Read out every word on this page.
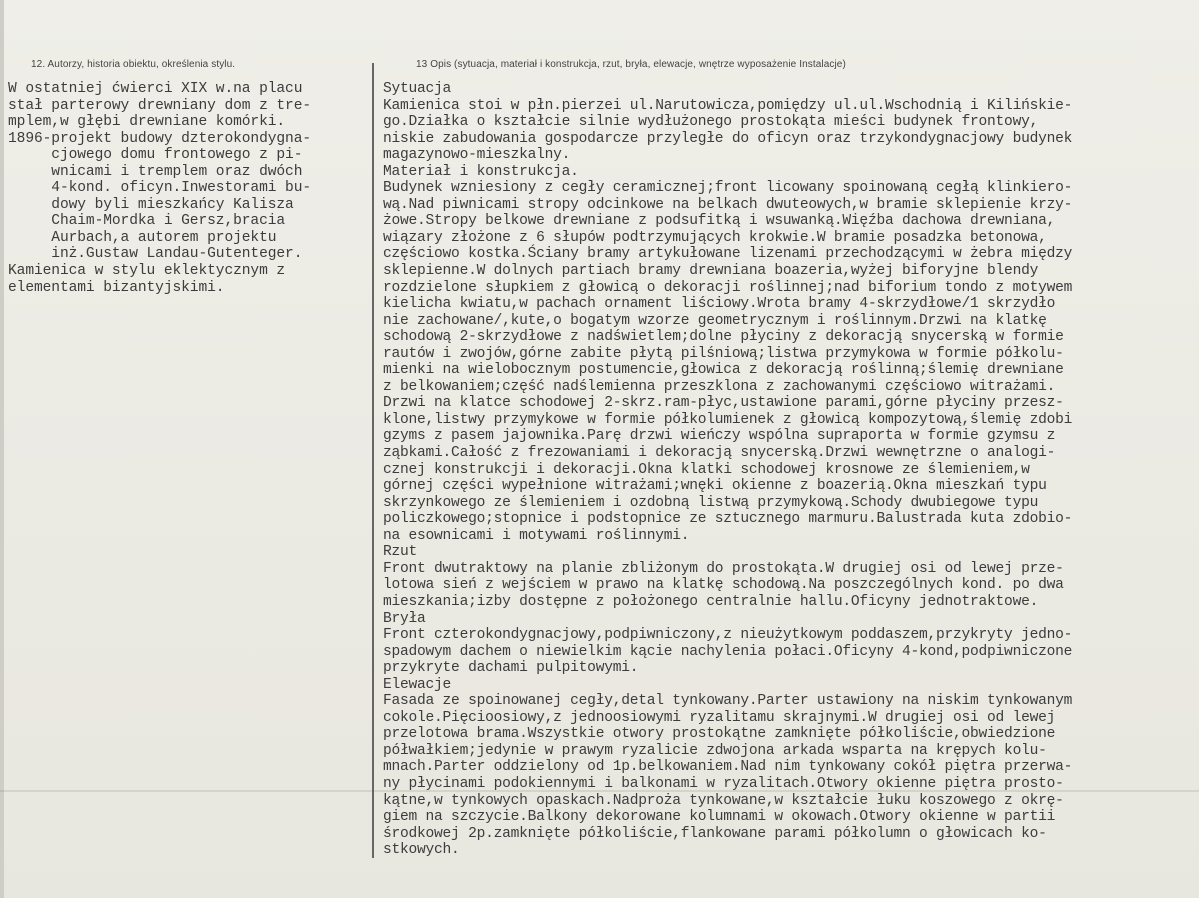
12. Autorzy, historia obiektu, określenia stylu.	13 Opis (sytuacja, materiał i konstrukcja, rzut, bryła, elewacje, wnętrze wyposażenie Instalacje)
W ostatniej ćwierci XIX w.na placu
stał parterowy drewniany dom z tre-
mplem,w głębi drewniane komórki.
1896-projekt budowy dzterokondygna-
cjowego domu frontowego z pi-
wnicami i tremplem oraz dwóch
4-kond. oficyn.Inwestorami bu-
dowy byli mieszkańcy Kalisza
Chaim-Mordka i Gersz,bracia
Aurbach,a autorem projektu
inż.Gustaw Landau-Gutenteger.
Kamienica w stylu eklektycznym z
elementami bizantyjskimi.
Sytuacja
Kamienica stoi w płn.pierzei ul.Narutowicza,pomiędzy ul.ul.Wschodnią i Kilińskie-
go.Działka o kształcie silnie wydłużonego prostokąta mieści budynek frontowy,
niskie zabudowania gospodarcze przyległe do oficyn oraz trzykondygnacjowy budynek
magazynowo-mieszkalny.
Materiał i konstrukcja.
Budynek wzniesiony z cegły ceramicznej;front licowany spoinowaną cegłą klinkiero-
wą.Nad piwnicami stropy odcinkowe na belkach dwuteowych,w bramie sklepienie krzy-
żowe.Stropy belkowe drewniane z podsufitką i wsuwanką.Więźba dachowa drewniana,
wiązary złożone z 6 słupów podtrzymujących krokwie.W bramie posadzka betonowa,
częściowo kostka.Ściany bramy artykułowane lizenami przechodzącymi w żebra między
sklepienne.W dolnych partiach bramy drewniana boazeria,wyżej biforyjne blendy
rozdzielone słupkiem z głowicą o dekoracji roślinnej;nad biforium tondo z motywem
kielicha kwiatu,w pachach ornament liściowy.Wrota bramy 4-skrzydłowe/1 skrzydło
nie zachowane/,kute,o bogatym wzorze geometrycznym i roślinnym.Drzwi na klatkę
schodową 2-skrzydłowe z nadświetlem;dolne płyciny z dekoracją snycerską w formie
rautów i zwojów,górne zabite płytą pilśniową;listwa przymykowa w formie półkolu-
mienki na wielobocznym postumencie,głowica z dekoracją roślinną;ślemię drewniane
z belkowaniem;część nadślemienna przeszklona z zachowanymi częściowo witrażami.
Drzwi na klatce schodowej 2-skrz.ram-płyc,ustawione parami,górne płyciny przesz-
klone,listwy przymykowe w formie półkolumienek z głowicą kompozytową,ślemię zdobi
gzyms z pasem jajownika.Parę drzwi wieńczy wspólna supraporta w formie gzymsu z
ząbkami.Całość z frezowaniami i dekoracją snycerską.Drzwi wewnętrzne o analogi-
cznej konstrukcji i dekoracji.Okna klatki schodowej krosnowe ze ślemieniem,w
górnej części wypełnione witrażami;wnęki okienne z boazerią.Okna mieszkań typu
skrzynkowego ze ślemieniem i ozdobną listwą przymykową.Schody dwubiegowe typu
policzkowego;stopnice i podstopnice ze sztucznego marmuru.Balustrada kuta zdobio-
na esownicami i motywami roślinnymi.
Rzut
Front dwutraktowy na planie zbliżonym do prostokąta.W drugiej osi od lewej prze-
lotowa sień z wejściem w prawo na klatkę schodową.Na poszczególnych kond. po dwa
mieszkania;izby dostępne z położonego centralnie hallu.Oficyny jednotraktowe.
Bryła
Front czterokondygnacjowy,podpiwniczony,z nieużytkowym poddaszem,przykryty jedno-
spadowym dachem o niewielkim kącie nachylenia połaci.Oficyny 4-kond,podpiwniczone
przykryte dachami pulpitowymi.
Elewacje
Fasada ze spoinowanej cegły,detal tynkowany.Parter ustawiony na niskim tynkowanym
cokole.Pięcioosiowy,z jednoosiowymi ryzalitamu skrajnymi.W drugiej osi od lewej
przelotowa brama.Wszystkie otwory prostokątne zamknięte półkoliście,obwiedzione
półwałkiem;jedynie w prawym ryzalicie zdwojona arkada wsparta na krępych kolu-
mnach.Parter oddzielony od 1p.belkowaniem.Nad nim tynkowany cokół piętra przerwa-
ny płycinami podokiennymi i balkonami w ryzalitach.Otwory okienne piętra prosto-
kątne,w tynkowych opaskach.Nadproża tynkowane,w kształcie łuku koszowego z okrę-
giem na szczycie.Balkony dekorowane kolumnami w okowach.Otwory okienne w partii
środkowej 2p.zamknięte półkoliście,flankowane parami półkolumn o głowicach ko-
stkowych.
